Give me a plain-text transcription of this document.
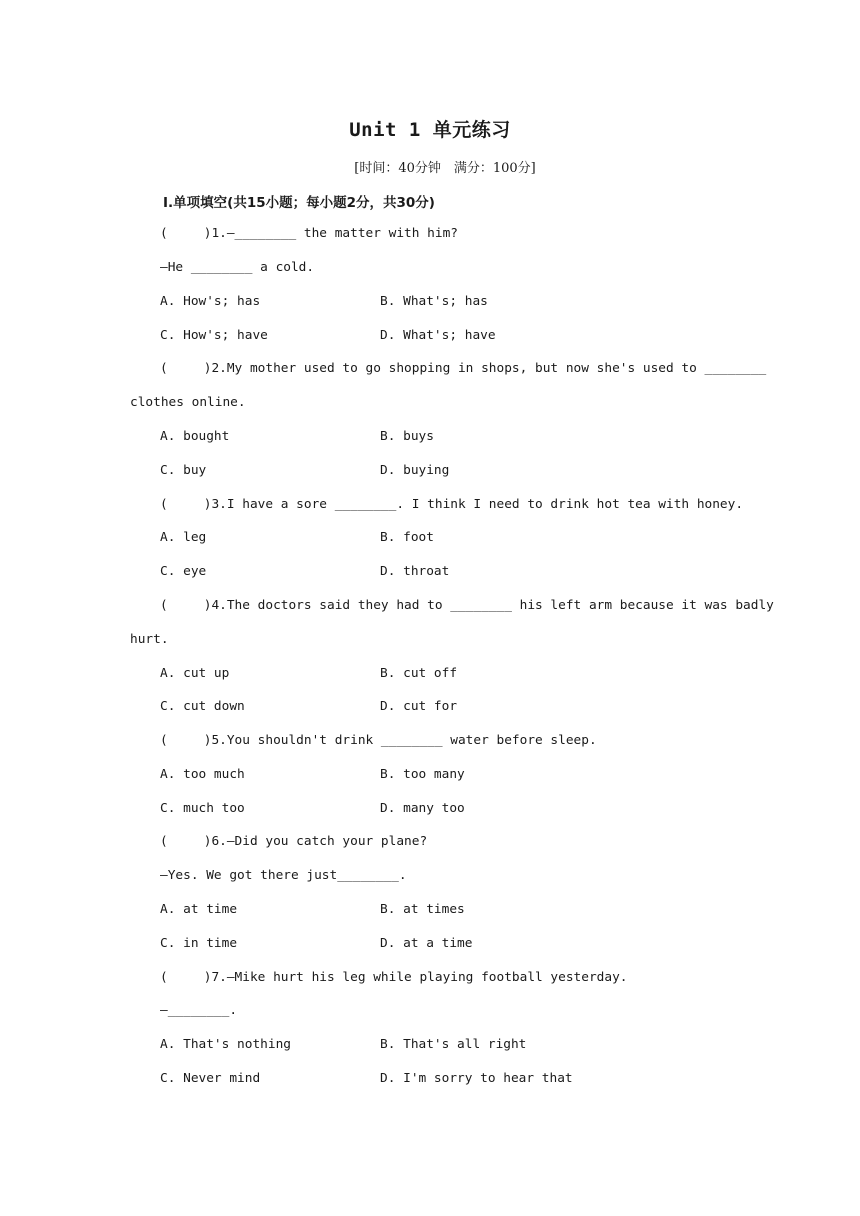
Unit 1 单元练习
[时间：40分钟　满分：100分]
Ⅰ.单项填空(共15小题；每小题2分，共30分)
(	)1.—________ the matter with him?
—He ________ a cold.
A. How's; has	B. What's; has
C. How's; have	D. What's; have
(	)2.My mother used to go shopping in shops, but now she's used to ________
clothes online.
A. bought	B. buys
C. buy	D. buying
(	)3.I have a sore ________. I think I need to drink hot tea with honey.
A. leg	B. foot
C. eye	D. throat
(	)4.The doctors said they had to ________ his left arm because it was badly
hurt.
A. cut up	B. cut off
C. cut down	D. cut for
(	)5.You shouldn't drink ________ water before sleep.
A. too much	B. too many
C. much too	D. many too
(	)6.—Did you catch your plane?
—Yes. We got there just________.
A. at time	B. at times
C. in time	D. at a time
(	)7.—Mike hurt his leg while playing football yesterday.
—________.
A. That's nothing	B. That's all right
C. Never mind	D. I'm sorry to hear that
